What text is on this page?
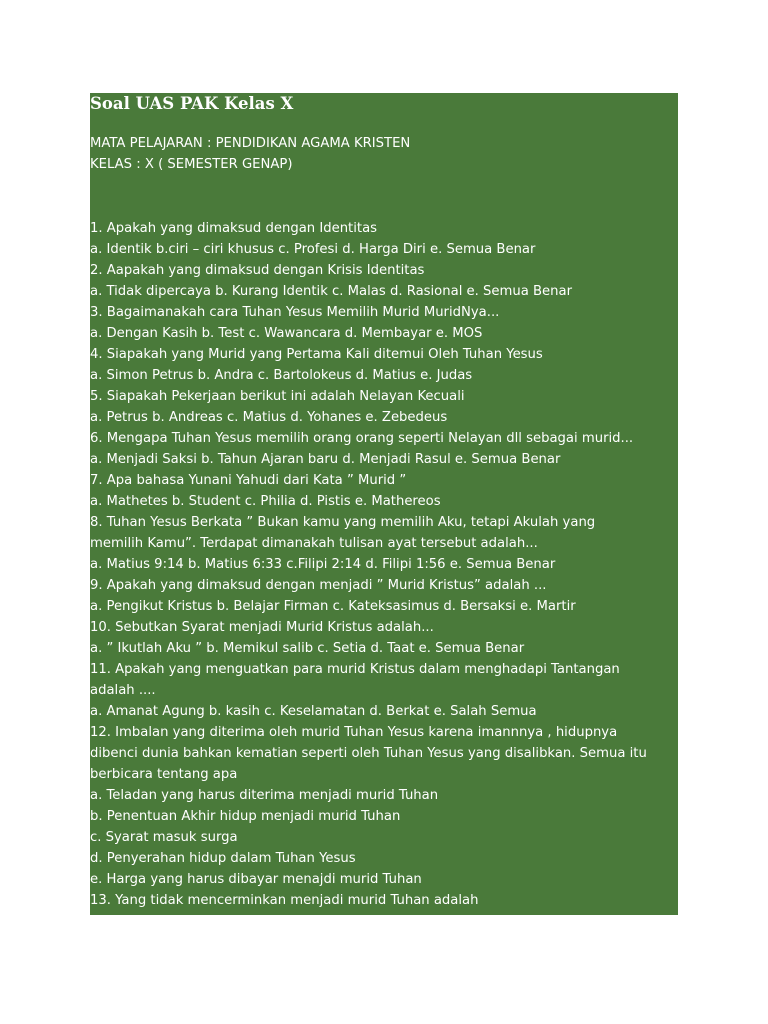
Soal UAS PAK Kelas X
MATA PELAJARAN : PENDIDIKAN AGAMA KRISTEN
KELAS : X ( SEMESTER GENAP)
1. Apakah yang dimaksud dengan Identitas
a. Identik b.ciri – ciri khusus c. Profesi d. Harga Diri e. Semua Benar
2. Aapakah yang dimaksud dengan Krisis Identitas
a. Tidak dipercaya b. Kurang Identik c. Malas d. Rasional e. Semua Benar
3. Bagaimanakah cara Tuhan Yesus Memilih Murid MuridNya...
a. Dengan Kasih b. Test c. Wawancara d. Membayar e. MOS
4. Siapakah yang Murid yang Pertama Kali ditemui Oleh Tuhan Yesus
a. Simon Petrus b. Andra c. Bartolokeus d. Matius e. Judas
5. Siapakah Pekerjaan berikut ini adalah Nelayan Kecuali
a. Petrus b. Andreas c. Matius d. Yohanes e. Zebedeus
6. Mengapa Tuhan Yesus memilih orang orang seperti Nelayan dll sebagai murid...
a. Menjadi Saksi b. Tahun Ajaran baru d. Menjadi Rasul e. Semua Benar
7. Apa bahasa Yunani Yahudi dari Kata ” Murid ”
a. Mathetes b. Student c. Philia d. Pistis e. Mathereos
8. Tuhan Yesus Berkata ” Bukan kamu yang memilih Aku, tetapi Akulah yang
memilih Kamu”. Terdapat dimanakah tulisan ayat tersebut adalah...
a. Matius 9:14 b. Matius 6:33 c.Filipi 2:14 d. Filipi 1:56 e. Semua Benar
9. Apakah yang dimaksud dengan menjadi ” Murid Kristus” adalah ...
a. Pengikut Kristus b. Belajar Firman c. Kateksasimus d. Bersaksi e. Martir
10. Sebutkan Syarat menjadi Murid Kristus adalah...
a. ” Ikutlah Aku ” b. Memikul salib c. Setia d. Taat e. Semua Benar
11. Apakah yang menguatkan para murid Kristus dalam menghadapi Tantangan
adalah ....
a. Amanat Agung b. kasih c. Keselamatan d. Berkat e. Salah Semua
12. Imbalan yang diterima oleh murid Tuhan Yesus karena imannnya , hidupnya
dibenci dunia bahkan kematian seperti oleh Tuhan Yesus yang disalibkan. Semua itu
berbicara tentang apa
a. Teladan yang harus diterima menjadi murid Tuhan
b. Penentuan Akhir hidup menjadi murid Tuhan
c. Syarat masuk surga
d. Penyerahan hidup dalam Tuhan Yesus
e. Harga yang harus dibayar menajdi murid Tuhan
13. Yang tidak mencerminkan menjadi murid Tuhan adalah
